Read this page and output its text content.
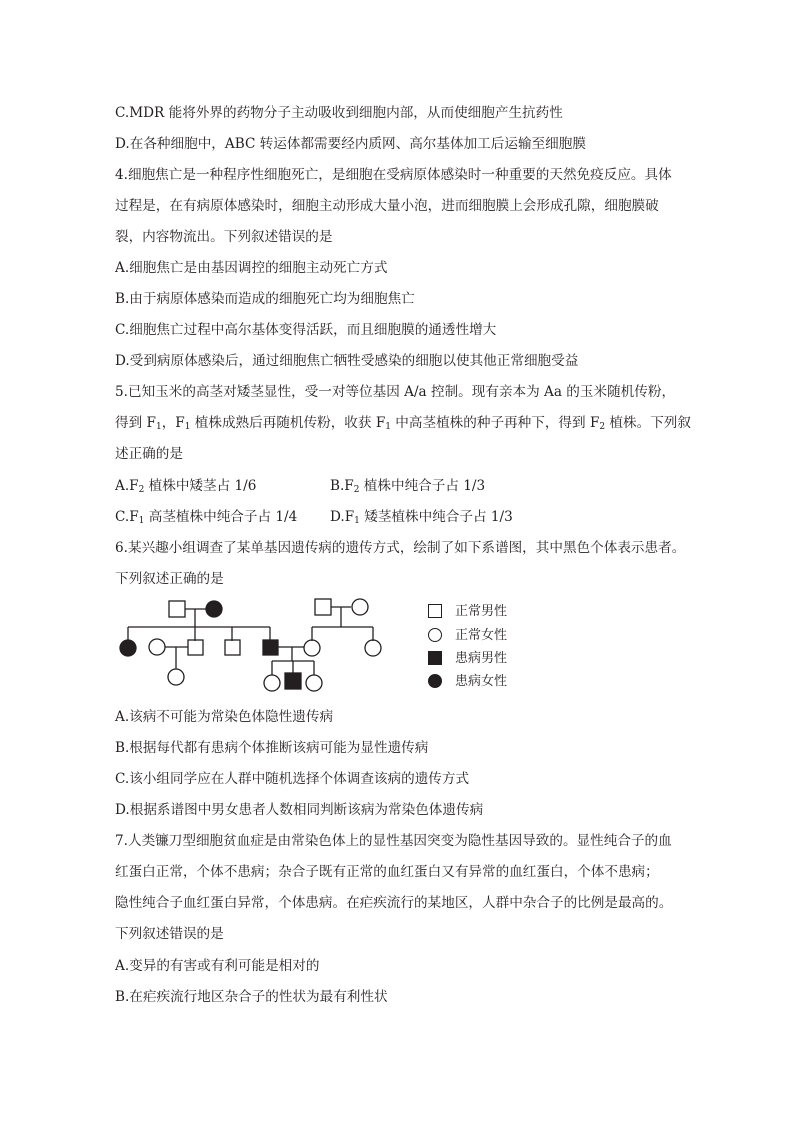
C.MDR 能将外界的药物分子主动吸收到细胞内部，从而使细胞产生抗药性
D.在各种细胞中，ABC 转运体都需要经内质网、高尔基体加工后运输至细胞膜
4.细胞焦亡是一种程序性细胞死亡，是细胞在受病原体感染时一种重要的天然免疫反应。具体
过程是，在有病原体感染时，细胞主动形成大量小泡，进而细胞膜上会形成孔隙，细胞膜破
裂，内容物流出。下列叙述错误的是
A.细胞焦亡是由基因调控的细胞主动死亡方式
B.由于病原体感染而造成的细胞死亡均为细胞焦亡
C.细胞焦亡过程中高尔基体变得活跃，而且细胞膜的通透性增大
D.受到病原体感染后，通过细胞焦亡牺牲受感染的细胞以使其他正常细胞受益
5.已知玉米的高茎对矮茎显性，受一对等位基因 A/a 控制。现有亲本为 Aa 的玉米随机传粉，
得到 $F_1$，$F_1$ 植株成熟后再随机传粉，收获 $F_1$ 中高茎植株的种子再种下，得到 $F_2$ 植株。下列叙
述正确的是
$A.F_2$ 植株中矮茎占 1/6	$B.F_2$ 植株中纯合子占 1/3
$C.F_1$ 高茎植株中纯合子占 1/4 $D.F_1$ 矮茎植株中纯合子占 1/3
6.某兴趣小组调查了某单基因遗传病的遗传方式，绘制了如下系谱图，其中黑色个体表示患者。
下列叙述正确的是
正常男性
正常女性
患病男性
患病女性
A.该病不可能为常染色体隐性遗传病
B.根据每代都有患病个体推断该病可能为显性遗传病
C.该小组同学应在人群中随机选择个体调查该病的遗传方式
D.根据系谱图中男女患者人数相同判断该病为常染色体遗传病
7.人类镰刀型细胞贫血症是由常染色体上的显性基因突变为隐性基因导致的。显性纯合子的血
红蛋白正常，个体不患病；杂合子既有正常的血红蛋白又有异常的血红蛋白，个体不患病；
隐性纯合子血红蛋白异常，个体患病。在疟疾流行的某地区，人群中杂合子的比例是最高的。
下列叙述错误的是
A.变异的有害或有利可能是相对的
B.在疟疾流行地区杂合子的性状为最有利性状
